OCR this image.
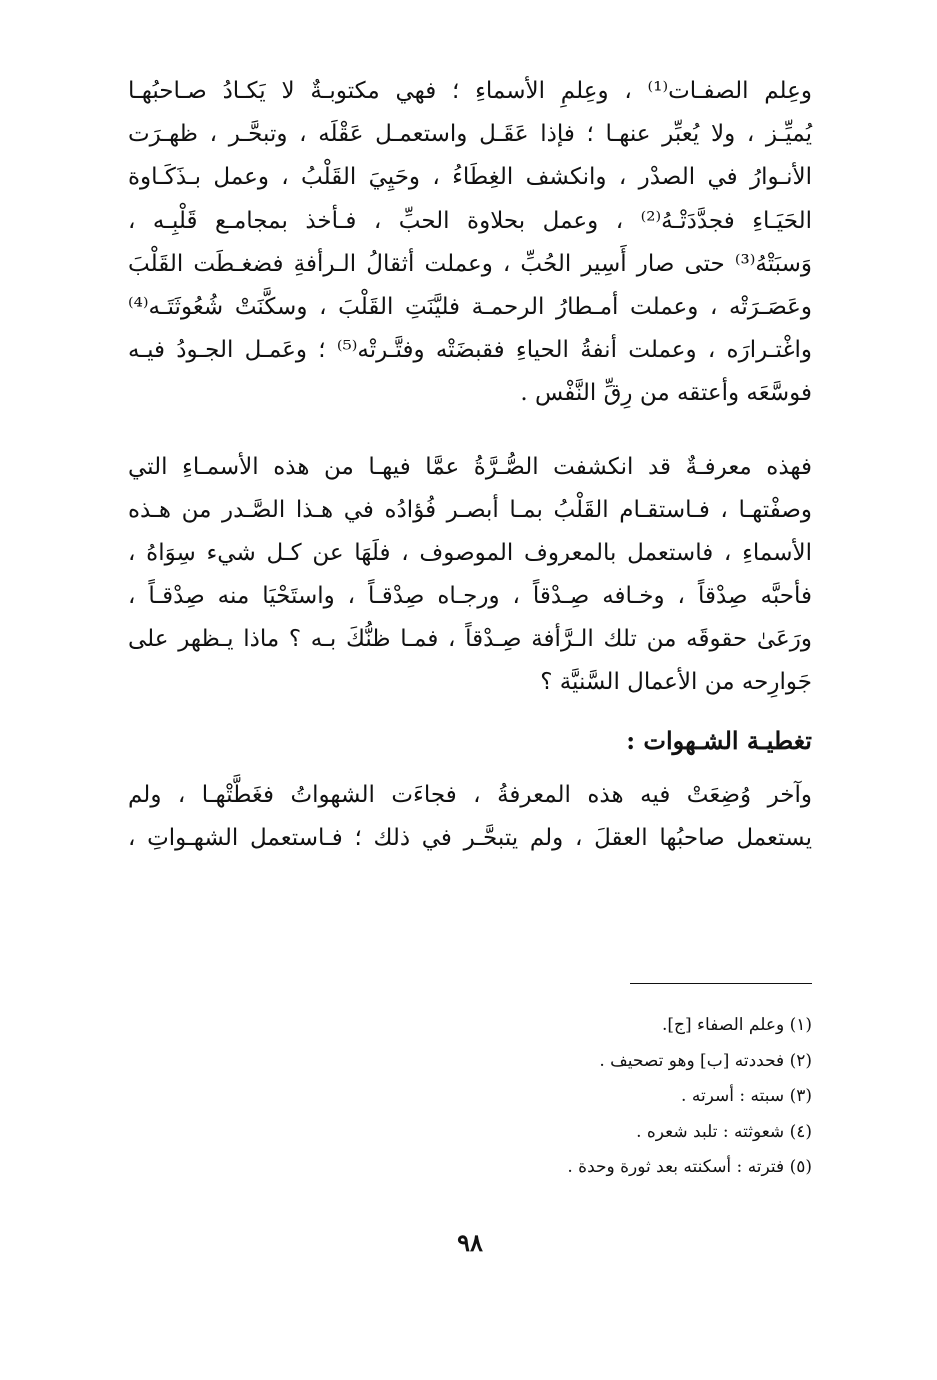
وعِلم الصفـات⁽¹⁾ ، وعِلمِ الأسماءِ ؛ فهي مكتوبـةٌ لا يَكـادُ صـاحبُهـا
يُميِّـز ، ولا يُعبِّر عنهـا ؛ فإذا عَقَـل واستعمـل عَقْلَه ، وتبحَّـر ، ظهـرَت
الأنـوارُ في الصدْر ، وانكشف الغِطَاءُ ، وحَيِيَ القَلْبُ ، وعمل بـذَكَـاوة
الحَيَـاءِ فجدَّدَتْـهُ⁽²⁾ ، وعمل بحلاوة الحبِّ ، فـأخذ بمجامـع قَلْبِـه ،
وَسبَتْهُ⁽³⁾ حتى صار أَسِير الحُبِّ ، وعملت أثقالُ الـرأفةِ فضغـطَت القَلْبَ
وعَصَـرَتْه ، وعملت أمـطارُ الرحمـة فليَّنَتِ القَلْبَ ، وسكَّنَتْ شُعُوثَتَـه⁽⁴⁾
واغْتـرارَه ، وعملت أنفةُ الحياءِ فقبضَتْه وفتَّـرتْه⁽⁵⁾ ؛ وعَمـل الجـودُ فيـه
فوسَّعَه وأعتقه من رِقِّ النَّفْس .
فهذه معرفـةٌ قد انكشفت الصُّـرَّةُ عمَّا فيهـا من هذه الأسمـاءِ التي
وصفْتهـا ، فـاستقـام القَلْبُ بمـا أبصـر فُؤادُه في هـذا الصَّـدر من هـذه
الأسماءِ ، فاستعمل بالمعروف الموصوف ، فلَهَا عن كـل شيء سِوَاهُ ،
فأحبَّه صِدْقاً ، وخـافه صِـدْقاً ، ورجـاه صِدْقـاً ، واستَحْيَا منه صِدْقـاً ،
ورَعَىٰ حقوقَه من تلك الـرَّأفة صِـدْقاً ، فمـا ظنُّكَ بـه ؟ ماذا يـظهر على
جَوارِحه من الأعمال السَّنيَّة ؟
تغطيـة الشـهوات :
وآخر وُضِعَتْ فيه هذه المعرفةُ ، فجاءَت الشهواتُ فغَطَّتْهـا ، ولم
يستعمل صاحبُها العقلَ ، ولم يتبحَّـر في ذلك ؛ فـاستعمل الشهـواتِ ،
(١) وعلم الصفاء [ج].
(٢) فحددته [ب] وهو تصحيف .
(٣) سبته : أسرته .
(٤) شعوثته : تلبد شعره .
(٥) فترته : أسكنته بعد ثورة وحدة .
٩٨
